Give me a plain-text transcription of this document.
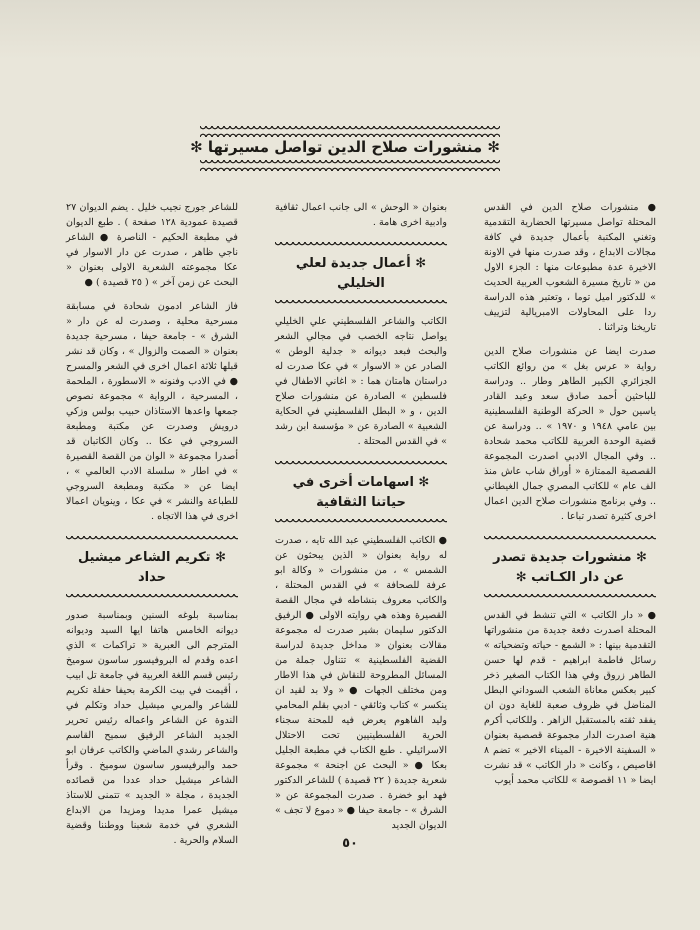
✻ منشورات صلاح الدين تواصل مسيرتها ✻

● منشورات صلاح الدين في القدس المحتلة تواصل مسيرتها الحضارية التقدمية وتغني المكتبة بأعمال جديدة في كافة مجالات الابداع ، وقد صدرت منها في الاونة الاخيرة عدة مطبوعات منها : الجزء الاول من « تاريخ مسيرة الشعوب العربية الحديث » للدكتور اميل توما ، وتعتبر هذه الدراسة ردا على المحاولات الامبريالية لتزييف تاريخنا وتراثنا .

صدرت ايضا عن منشورات صلاح الدين رواية « عرس بغل » من روائع الكاتب الجزائري الكبير الطاهر وطار .. ودراسة للباحثين أحمد صادق سعد وعبد القادر ياسين حول « الحركة الوطنية الفلسطينية بين عامي ١٩٤٨ و ١٩٧٠ » .. ودراسة عن قضية الوحدة العربية للكاتب محمد شحادة .. وفي المجال الادبي اصدرت المجموعة القصصية الممتازة « أوراق شاب عاش منذ الف عام » للكاتب المصري جمال الغيطاني .. وفي برنامج منشورات صلاح الدين اعمال اخرى كثيرة تصدر تباعا .

✻ منشورات جديدة تصدر عن دار الكـاتب ✻

● « دار الكاتب » التي تنشط في القدس المحتلة اصدرت دفعة جديدة من منشوراتها التقدمية بينها : « الشمع - حياته وتضحياته » رسائل فاطمة ابراهيم - قدم لها حسن الطاهر زروق وفي هذا الكتاب الصغير ذخر كبير بعكس معاناة الشعب السوداني البطل المناضل في ظروف صعبة للغاية دون ان يفقد ثقته بالمستقبل الزاهر . وللكاتب أكرم هنية اصدرت الدار مجموعة قصصية بعنوان « السفينة الاخيرة - الميناء الاخير » تضم ٨ اقاصيص ، وكانت « دار الكاتب » قد نشرت ايضا « ١١ اقصوصة » للكاتب محمد أيوب

بعنوان « الوحش » الى جانب اعمال ثقافية وادبية اخرى هامة .

✻ أعمال جديدة لعلي الخليلي

الكاتب والشاعر الفلسطيني علي الخليلي يواصل نتاجه الخصب في مجالي الشعر والبحث فبعد ديوانه « جدلية الوطن » الصادر عن « الاسوار » في عكا صدرت له دراستان هامتان هما : « اغاني الاطفال في فلسطين » الصادرة عن منشورات صلاح الدين ، و « البطل الفلسطيني في الحكاية الشعبية » الصادرة عن « مؤسسة ابن رشد » في القدس المحتلة .

✻ اسهامات أخرى في حياتنا الثقافية

● الكاتب الفلسطيني عبد الله تايه ، صدرت له رواية بعنوان « الذين يبحثون عن الشمس » ، من منشورات « وكالة ابو عرفة للصحافة » في القدس المحتلة ، والكاتب معروف بنشاطه في مجال القصة القصيرة وهذه هي روايته الاولى ● الرفيق الدكتور سليمان بشير صدرت له مجموعة مقالات بعنوان « مداخل جديدة لدراسة القضية الفلسطينية » تتناول جملة من المسائل المطروحة للنقاش في هذا الاطار ومن مختلف الجهات ● « ولا بد لقيد ان ينكسر » كتاب وثائقي - ادبي بقلم المحامي وليد الفاهوم يعرض فيه للمحنة سجناء الحرية الفلسطينيين تحت الاحتلال الاسرائيلي . طبع الكتاب في مطبعة الجليل بعكا ● « البحث عن اجنحة » مجموعة شعرية جديدة ( ٢٢ قصيدة ) للشاعر الدكتور فهد ابو خضرة . صدرت المجموعة عن « الشرق » - جامعة حيفا ● « دموع لا تجف » الديوان الجديد

للشاعر جورج نجيب خليل . يضم الديوان ٢٧ قصيدة عمودية ١٢٨ صفحة ) . طبع الديوان في مطبعة الحكيم - الناصرة ● الشاعر ناجي ظاهر ، صدرت عن دار الاسوار في عكا مجموعته الشعرية الاولى بعنوان « البحث عن زمن آخر » ( ٢٥ قصيدة ) ●

فاز الشاعر ادمون شحادة في مسابقة مسرحية محلية ، وصدرت له عن دار « الشرق » - جامعة حيفا ، مسرحية جديدة بعنوان « الصمت والزوال » ، وكان قد نشر قبلها ثلاثة اعمال اخرى في الشعر والمسرح ● في الادب وفنونه « الاسطورة ، الملحمة ، المسرحية ، الرواية » مجموعة نصوص جمعها واعدها الاستاذان حبيب بولس وزكي درويش وصدرت عن مكتبة ومطبعة السروجي في عكا .. وكان الكاتبان قد أصدرا مجموعة « الوان من القصة القصيرة » في اطار « سلسلة الادب العالمي » ، ايضا عن « مكتبة ومطبعة السروجي للطباعة والنشر » في عكا ، وينويان اعمالا اخرى في هذا الاتجاه .

✻ تكريم الشاعر ميشيل حداد

بمناسبة بلوغه السنين وبمناسبة صدور ديوانه الخامس هاتفا ايها السيد وديوانه المترجم الى العبرية « تراكمات » الذي اعده وقدم له البروفيسور ساسون سوميخ رئيس قسم اللغة العربية في جامعة تل ابيب ، أقيمت في بيت الكرمة بحيفا حفلة تكريم للشاعر والمربي ميشيل حداد وتكلم في الندوة عن الشاعر واعماله رئيس تحرير الجديد الشاعر الرفيق سميح القاسم والشاعر رشدي الماضي والكاتب عرفان ابو حمد والبرفيسور ساسون سوميخ . وقرأ الشاعر ميشيل حداد عددا من قصائده الجديدة ، مجلة « الجديد » تتمنى للاستاذ ميشيل عمرا مديدا ومزيدا من الابداع الشعري في خدمة شعبنا ووطننا وقضية السلام والحرية .	٥٠
